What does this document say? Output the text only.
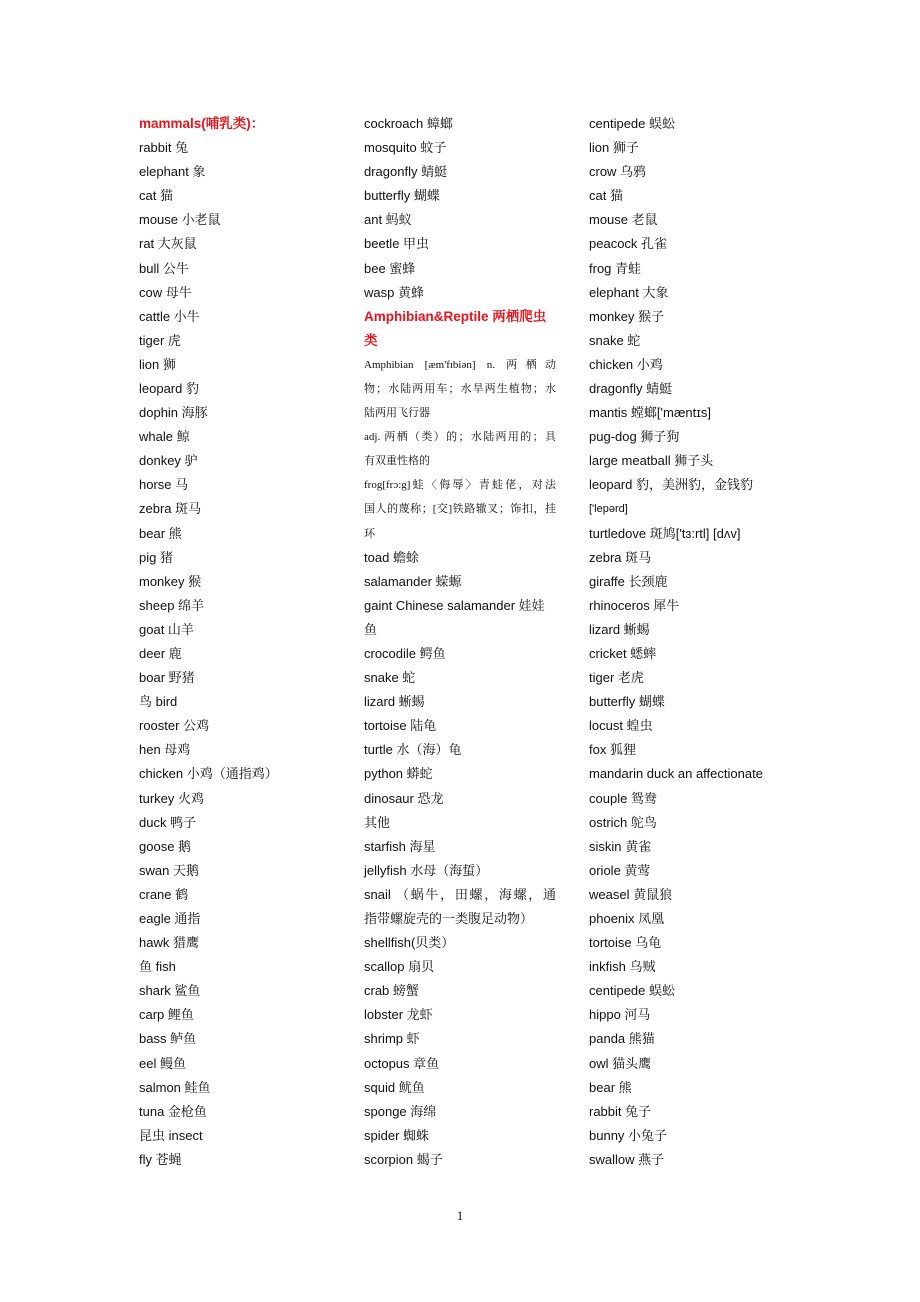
mammals(哺乳类)：
rabbit 兔
elephant 象
cat 猫
mouse 小老鼠
rat 大灰鼠
bull 公牛
cow 母牛
cattle 小牛
tiger 虎
lion 狮
leopard 豹
dophin 海豚
whale 鲸
donkey 驴
horse 马
zebra 斑马
bear 熊
pig 猪
monkey 猴
sheep 绵羊
goat 山羊
deer 鹿
boar 野猪
鸟 bird
rooster 公鸡
hen 母鸡
chicken 小鸡（通指鸡）
turkey 火鸡
duck 鸭子
goose 鹅
swan 天鹅
crane 鹤
eagle 通指
hawk 猎鹰
鱼 fish
shark 鲨鱼
carp 鲤鱼
bass 鲈鱼
eel 鳗鱼
salmon 鲑鱼
tuna 金枪鱼
昆虫 insect
fly 苍蝇
cockroach 蟑螂
mosquito 蚊子
dragonfly 蜻蜓
butterfly 蝴蝶
ant 蚂蚁
beetle 甲虫
bee 蜜蜂
wasp 黄蜂
Amphibian&Reptile 两栖爬虫
类
Amphibian [æm'fɪbiən] n. 两栖动
物；水陆两用车；水旱两生植物；水
陆两用飞行器
adj. 两栖（类）的；水陆两用的；具
有双重性格的
frog[frɔ:g]蛙〈侮辱〉青蛙佬，对法
国人的蔑称；[交]铁路辙叉；饰扣，挂
环
toad 蟾蜍
salamander 蝾螈
gaint Chinese salamander 娃娃
鱼
crocodile 鳄鱼
snake 蛇
lizard 蜥蜴
tortoise 陆龟
turtle 水（海）龟
python 蟒蛇
dinosaur 恐龙
其他
starfish 海星
jellyfish 水母（海蜇）
snail （蜗牛，田螺，海螺，通
指带螺旋壳的一类腹足动物）
shellfish(贝类）
scallop 扇贝
crab 螃蟹
lobster 龙虾
shrimp 虾
octopus 章鱼
squid 鱿鱼
sponge 海绵
spider 蜘蛛
scorpion 蝎子
centipede 蜈蚣
lion 狮子
crow 乌鸦
cat 猫
mouse 老鼠
peacock 孔雀
frog 青蛙
elephant 大象
monkey 猴子
snake 蛇
chicken 小鸡
dragonfly 蜻蜓
mantis 螳螂['mæntɪs]
pug-dog 狮子狗
large meatball 狮子头
leopard 豹，美洲豹，金钱豹
['lepərd]
turtledove 斑鸠['tɜ:rtl] [dʌv]
zebra 斑马
giraffe 长颈鹿
rhinoceros 犀牛
lizard 蜥蜴
cricket 蟋蟀
tiger 老虎
butterfly 蝴蝶
locust 蝗虫
fox 狐狸
mandarin duck an affectionate
couple 鸳鸯
ostrich 鸵鸟
siskin 黄雀
oriole 黄莺
weasel 黄鼠狼
phoenix 凤凰
tortoise 乌龟
inkfish 乌贼
centipede 蜈蚣
hippo 河马
panda 熊猫
owl 猫头鹰
bear 熊
rabbit 兔子
bunny 小兔子
swallow 燕子
1
